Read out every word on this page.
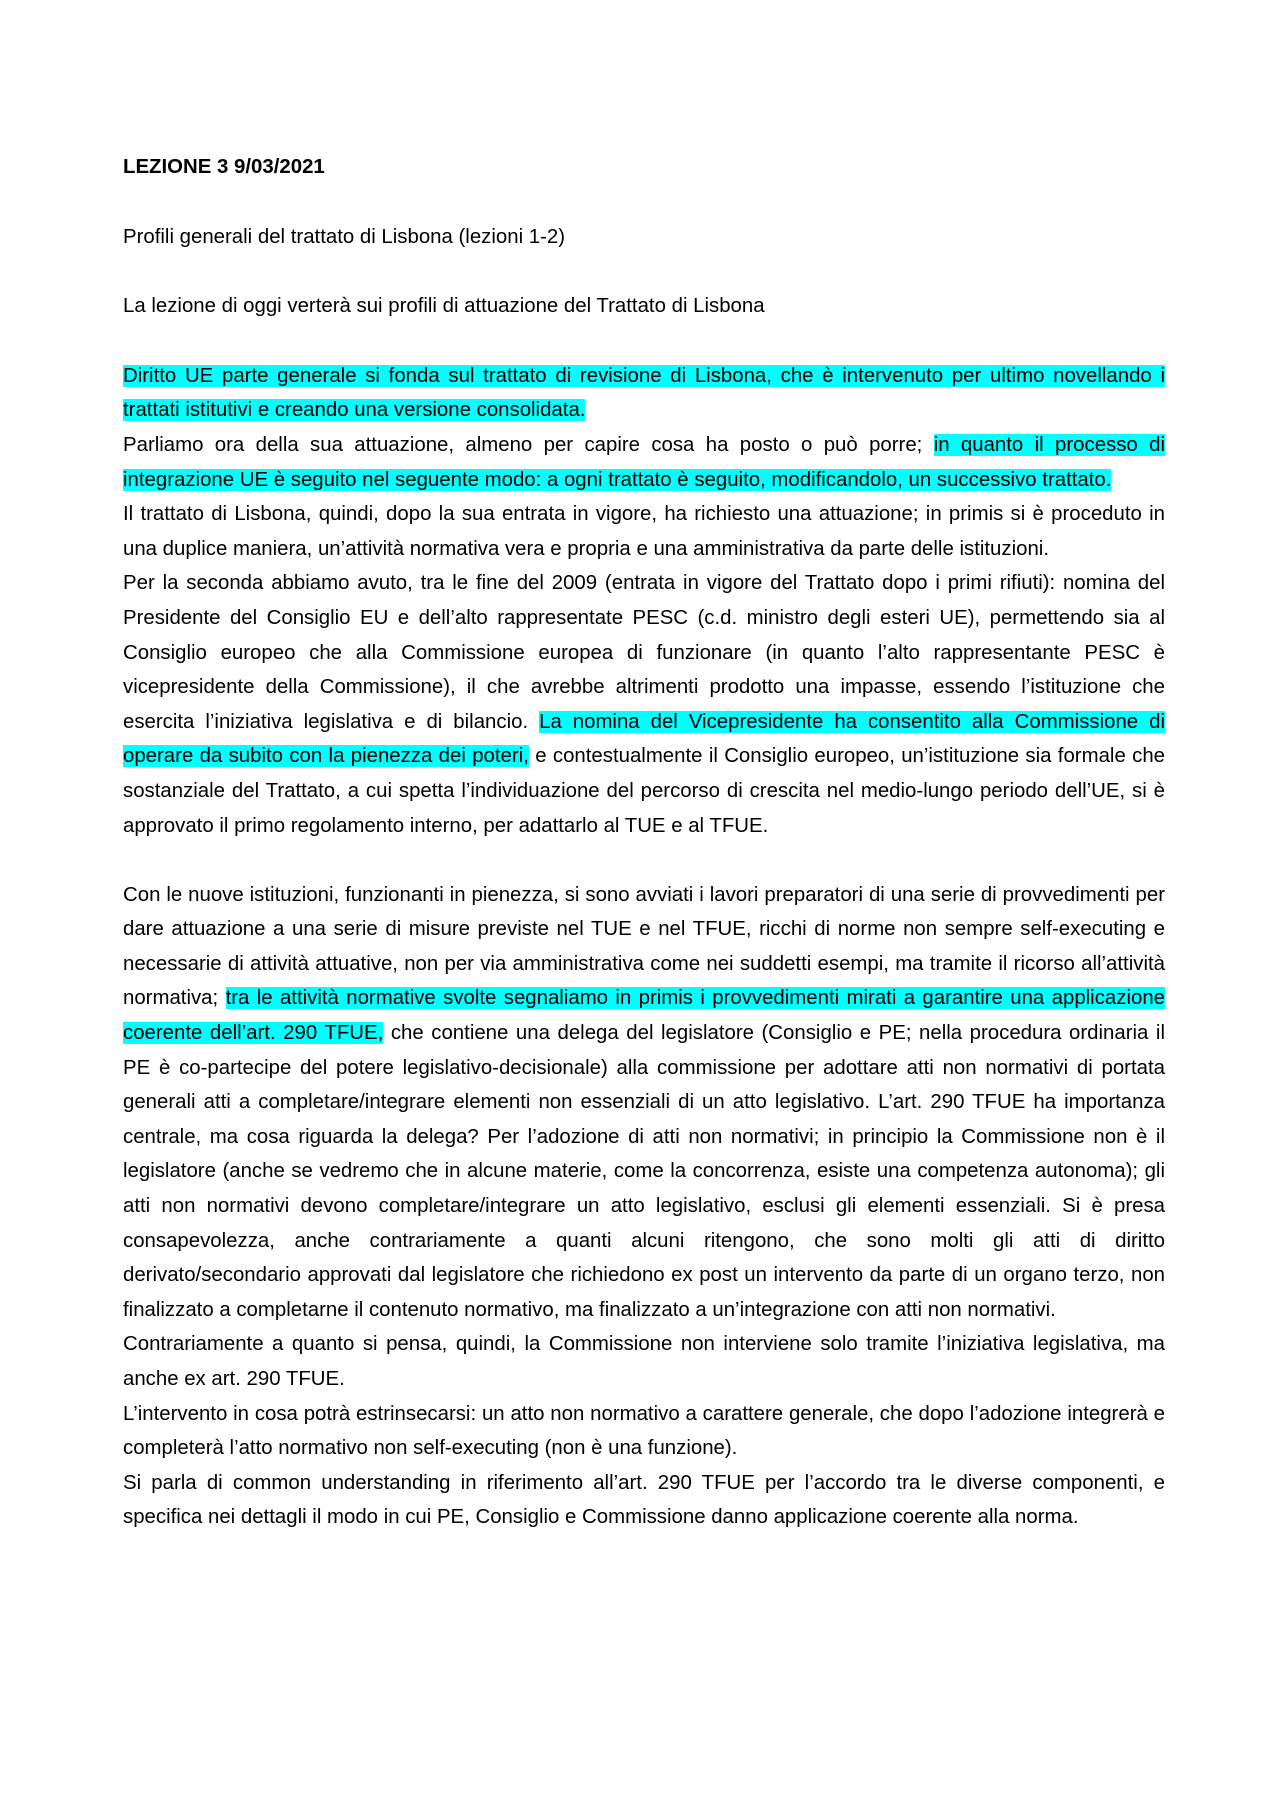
LEZIONE 3 9/03/2021

Profili generali del trattato di Lisbona (lezioni 1-2)

La lezione di oggi verterà sui profili di attuazione del Trattato di Lisbona

Diritto UE parte generale si fonda sul trattato di revisione di Lisbona, che è intervenuto per ultimo novellando i trattati istitutivi e creando una versione consolidata.

Parliamo ora della sua attuazione, almeno per capire cosa ha posto o può porre; in quanto il processo di integrazione UE è seguito nel seguente modo: a ogni trattato è seguito, modificandolo, un successivo trattato.

Il trattato di Lisbona, quindi, dopo la sua entrata in vigore, ha richiesto una attuazione; in primis si è proceduto in una duplice maniera, un’attività normativa vera e propria e una amministrativa da parte delle istituzioni.

Per la seconda abbiamo avuto, tra le fine del 2009 (entrata in vigore del Trattato dopo i primi rifiuti): nomina del Presidente del Consiglio EU e dell’alto rappresentate PESC (c.d. ministro degli esteri UE), permettendo sia al Consiglio europeo che alla Commissione europea di funzionare (in quanto l’alto rappresentante PESC è vicepresidente della Commissione), il che avrebbe altrimenti prodotto una impasse, essendo l’istituzione che esercita l’iniziativa legislativa e di bilancio. La nomina del Vicepresidente ha consentito alla Commissione di operare da subito con la pienezza dei poteri, e contestualmente il Consiglio europeo, un’istituzione sia formale che sostanziale del Trattato, a cui spetta l’individuazione del percorso di crescita nel medio-lungo periodo dell’UE, si è approvato il primo regolamento interno, per adattarlo al TUE e al TFUE.

Con le nuove istituzioni, funzionanti in pienezza, si sono avviati i lavori preparatori di una serie di provvedimenti per dare attuazione a una serie di misure previste nel TUE e nel TFUE, ricchi di norme non sempre self-executing e necessarie di attività attuative, non per via amministrativa come nei suddetti esempi, ma tramite il ricorso all’attività normativa; tra le attività normative svolte segnaliamo in primis i provvedimenti mirati a garantire una applicazione coerente dell’art. 290 TFUE, che contiene una delega del legislatore (Consiglio e PE; nella procedura ordinaria il PE è co-partecipe del potere legislativo-decisionale) alla commissione per adottare atti non normativi di portata generali atti a completare/integrare elementi non essenziali di un atto legislativo. L’art. 290 TFUE ha importanza centrale, ma cosa riguarda la delega? Per l’adozione di atti non normativi; in principio la Commissione non è il legislatore (anche se vedremo che in alcune materie, come la concorrenza, esiste una competenza autonoma); gli atti non normativi devono completare/integrare un atto legislativo, esclusi gli elementi essenziali. Si è presa consapevolezza, anche contrariamente a quanti alcuni ritengono, che sono molti gli atti di diritto derivato/secondario approvati dal legislatore che richiedono ex post un intervento da parte di un organo terzo, non finalizzato a completarne il contenuto normativo, ma finalizzato a un’integrazione con atti non normativi.

Contrariamente a quanto si pensa, quindi, la Commissione non interviene solo tramite l’iniziativa legislativa, ma anche ex art. 290 TFUE.

L’intervento in cosa potrà estrinsecarsi: un atto non normativo a carattere generale, che dopo l’adozione integrerà e completerà l’atto normativo non self-executing (non è una funzione).

Si parla di common understanding in riferimento all’art. 290 TFUE per l’accordo tra le diverse componenti, e specifica nei dettagli il modo in cui PE, Consiglio e Commissione danno applicazione coerente alla norma.
